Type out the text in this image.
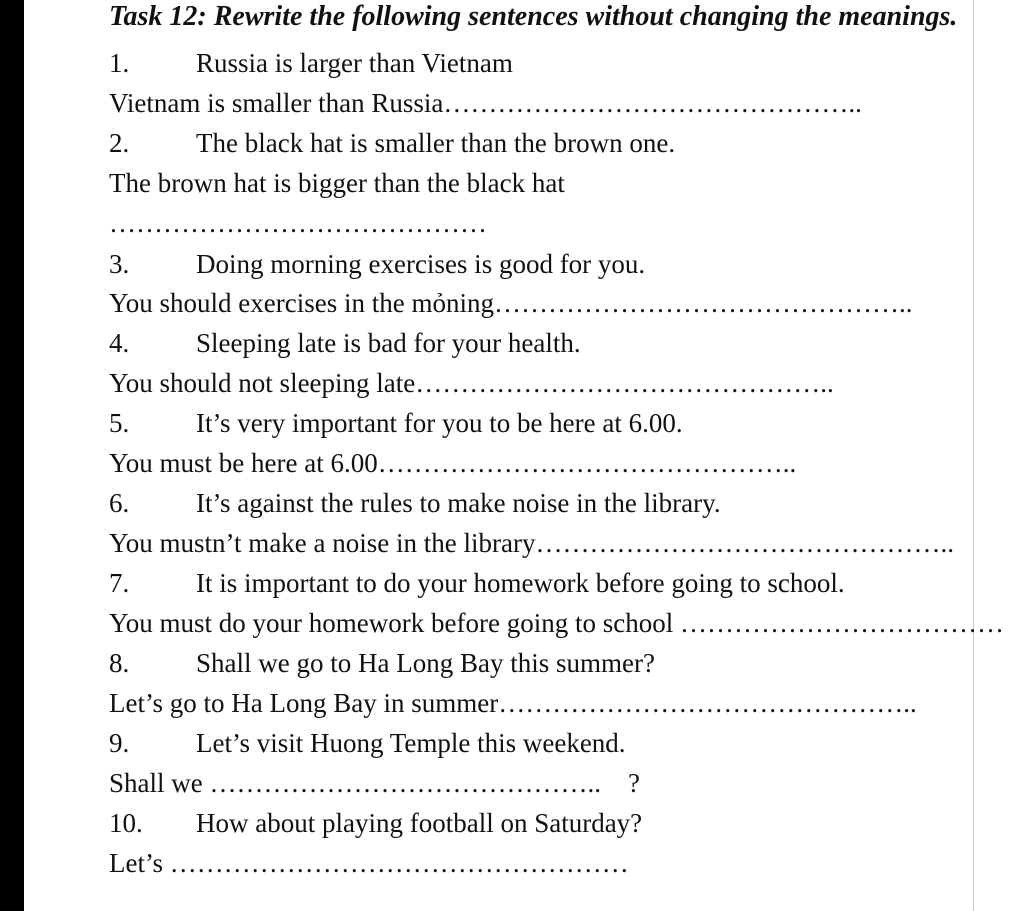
Task 12: Rewrite the following sentences without changing the meanings.
1. Russia is larger than Vietnam
Vietnam is smaller than Russia………………………………………..
2. The black hat is smaller than the brown one.
The brown hat is bigger than the black hat
……………………………………
3. Doing morning exercises is good for you.
You should exercises in the mỏning………………………………………..
4. Sleeping late is bad for your health.
You should not sleeping late………………………………………..
5. It’s very important for you to be here at 6.00.
You must be here at 6.00………………………………………..
6. It’s against the rules to make noise in the library.
You mustn’t make a noise in the library………………………………………..
7. It is important to do your homework before going to school.
You must do your homework before going to school ………………………………
8. Shall we go to Ha Long Bay this summer?
Let’s go to Ha Long Bay in summer………………………………………..
9. Let’s visit Huong Temple this weekend.
Shall we ……………………………………..    ?
10. How about playing football on Saturday?
Let’s ……………………………………………
